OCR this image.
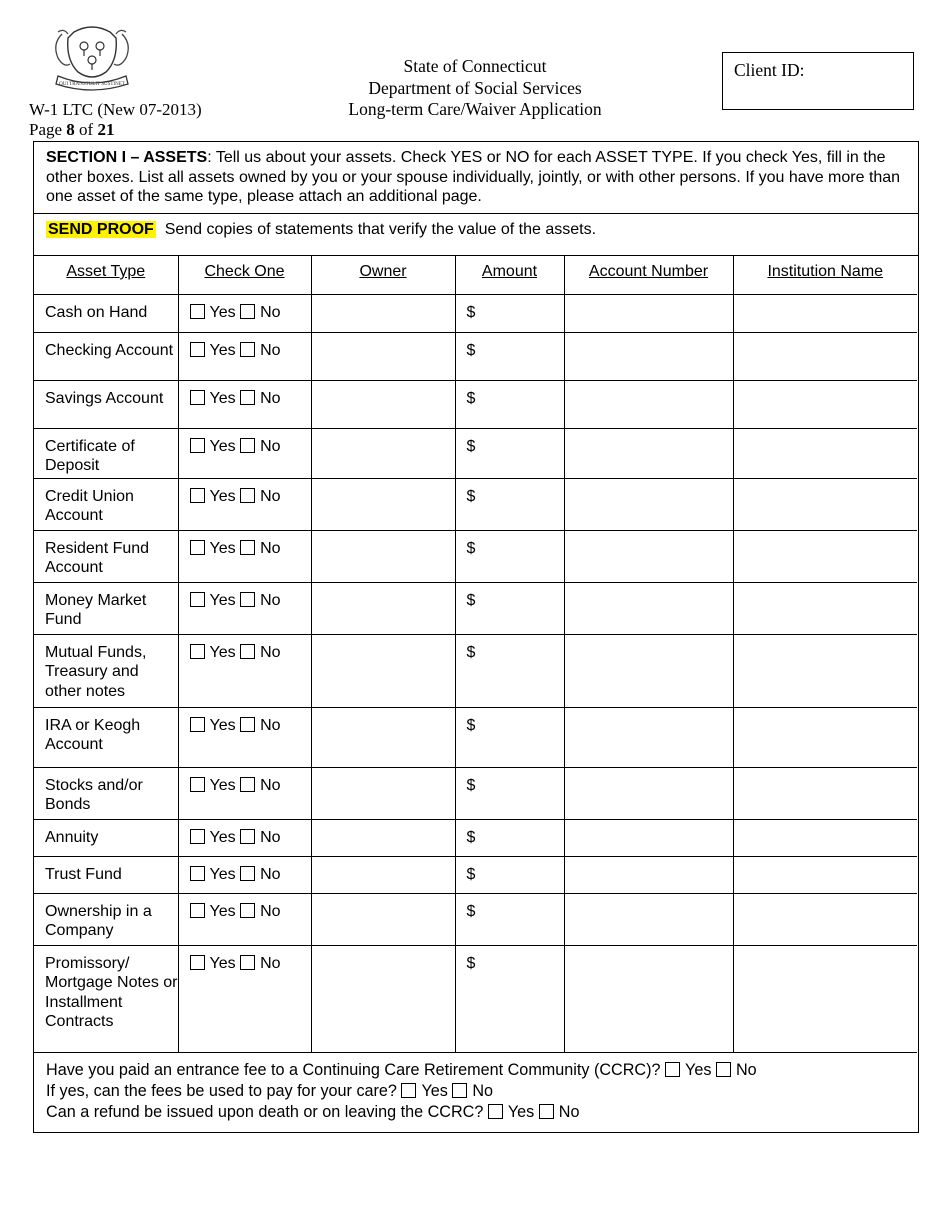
QUI TRANSTULIT SUSTINET
W-1 LTC (New 07-2013)
Page 8 of 21
State of Connecticut
Department of Social Services
Long-term Care/Waiver Application
Client ID:
SECTION I – ASSETS: Tell us about your assets. Check YES or NO for each ASSET TYPE. If you check Yes, fill in the other boxes. List all assets owned by you or your spouse individually, jointly, or with other persons. If you have more than one asset of the same type, please attach an additional page.
SEND PROOF Send copies of statements that verify the value of the assets.
Asset Type	Check One	Owner	Amount	Account Number	Institution Name
Cash on Hand	Yes No		$		
Checking Account	Yes No		$		
Savings Account	Yes No		$		
Certificate of Deposit	Yes No		$		
Credit Union Account	Yes No		$		
Resident Fund Account	Yes No		$		
Money Market Fund	Yes No		$		
Mutual Funds, Treasury and other notes	Yes No		$		
IRA or Keogh Account	Yes No		$		
Stocks and/or Bonds	Yes No		$		
Annuity	Yes No		$		
Trust Fund	Yes No		$		
Ownership in a Company	Yes No		$		
Promissory/ Mortgage Notes or Installment Contracts	Yes No		$		
Have you paid an entrance fee to a Continuing Care Retirement Community (CCRC)? Yes No
If yes, can the fees be used to pay for your care? Yes No
Can a refund be issued upon death or on leaving the CCRC? Yes No
